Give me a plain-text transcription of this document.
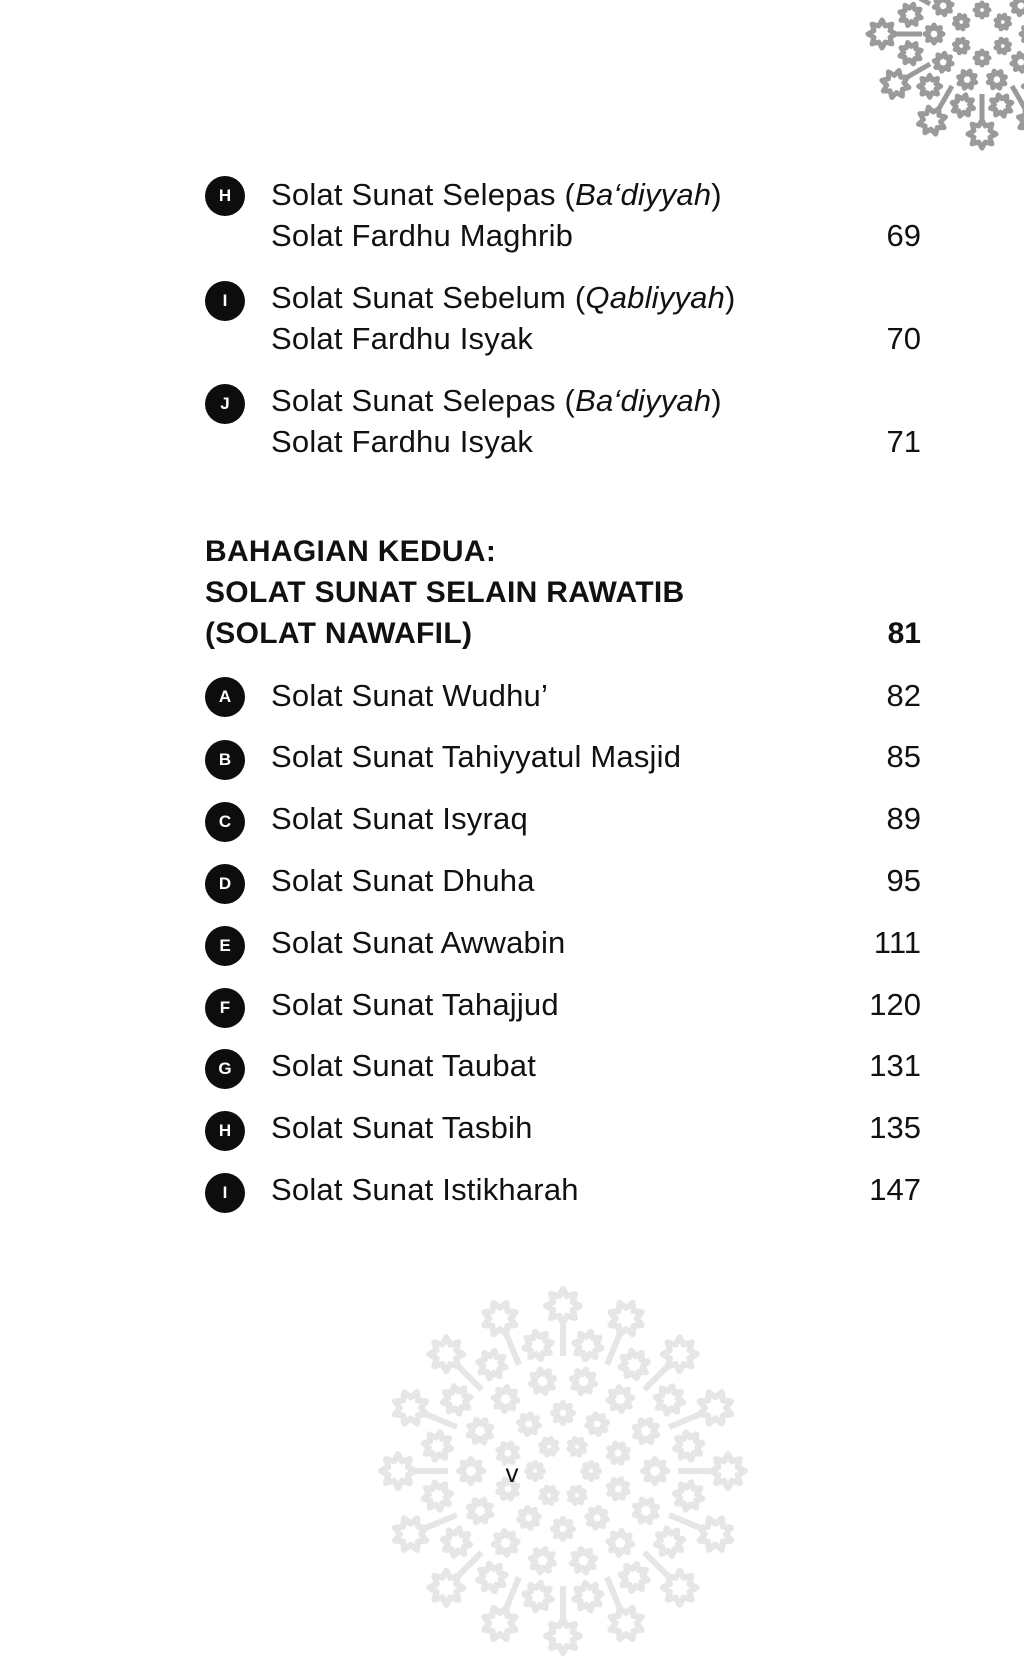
H	Solat Sunat Selepas (Ba‘diyyah)
Solat Fardhu Maghrib	69
I	Solat Sunat Sebelum (Qabliyyah)
Solat Fardhu Isyak	70
J	Solat Sunat Selepas (Ba‘diyyah)
Solat Fardhu Isyak	71
BAHAGIAN KEDUA:
SOLAT SUNAT SELAIN RAWATIB
(SOLAT NAWAFIL)	81
A	Solat Sunat Wudhu’	82
B	Solat Sunat Tahiyyatul Masjid	85
C	Solat Sunat Isyraq	89
D	Solat Sunat Dhuha	95
E	Solat Sunat Awwabin	111
F	Solat Sunat Tahajjud	120
G	Solat Sunat Taubat	131
H	Solat Sunat Tasbih	135
I	Solat Sunat Istikharah	147
v
